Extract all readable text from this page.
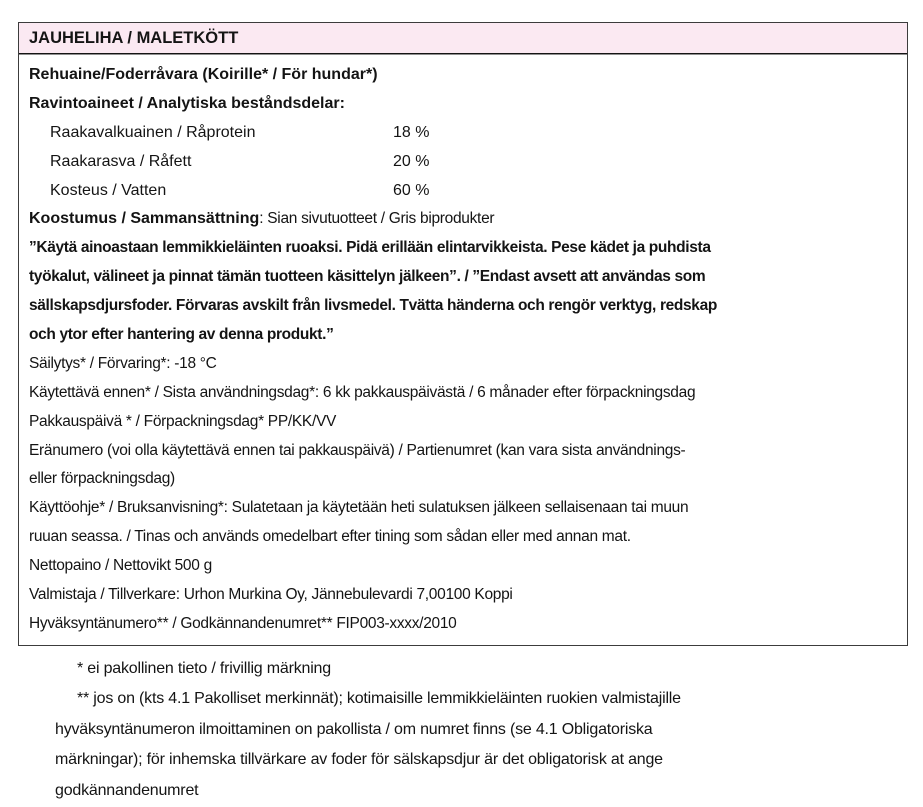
JAUHELIHA / MALETKÖTT
Rehuaine/Foderråvara (Koirille* / För hundar*)
Ravintoaineet / Analytiska beståndsdelar:
Raakavalkuainen / Råprotein	18 %
Raakarasva / Råfett	20 %
Kosteus / Vatten	60 %
Koostumus / Sammansättning: Sian sivutuotteet / Gris biprodukter
”Käytä ainoastaan lemmikkieläinten ruoaksi. Pidä erillään elintarvikkeista. Pese kädet ja puhdista
työkalut, välineet ja pinnat tämän tuotteen käsittelyn jälkeen”. / ”Endast avsett att användas som
sällskapsdjursfoder. Förvaras avskilt från livsmedel. Tvätta händerna och rengör verktyg, redskap
och ytor efter hantering av denna produkt.”
Säilytys* / Förvaring*: -18 °C
Käytettävä ennen* / Sista användningsdag*: 6 kk pakkauspäivästä / 6 månader efter förpackningsdag
Pakkauspäivä * / Förpackningsdag* PP/KK/VV
Eränumero (voi olla käytettävä ennen tai pakkauspäivä) / Partienumret (kan vara sista användnings-
eller förpackningsdag)
Käyttöohje* / Bruksanvisning*: Sulatetaan ja käytetään heti sulatuksen jälkeen sellaisenaan tai muun
ruuan seassa. / Tinas och används omedelbart efter tining som sådan eller med annan mat.
Nettopaino / Nettovikt 500 g
Valmistaja / Tillverkare: Urhon Murkina Oy, Jännebulevardi 7,00100 Koppi
Hyväksyntänumero** / Godkännandenumret** FIP003-xxxx/2010
* ei pakollinen tieto / frivillig märkning
** jos on (kts 4.1 Pakolliset merkinnät); kotimaisille lemmikkieläinten ruokien valmistajille
hyväksyntänumeron ilmoittaminen on pakollista / om numret finns (se 4.1 Obligatoriska
märkningar); för inhemska tillvärkare av foder för sälskapsdjur är det obligatorisk at ange
godkännandenumret
